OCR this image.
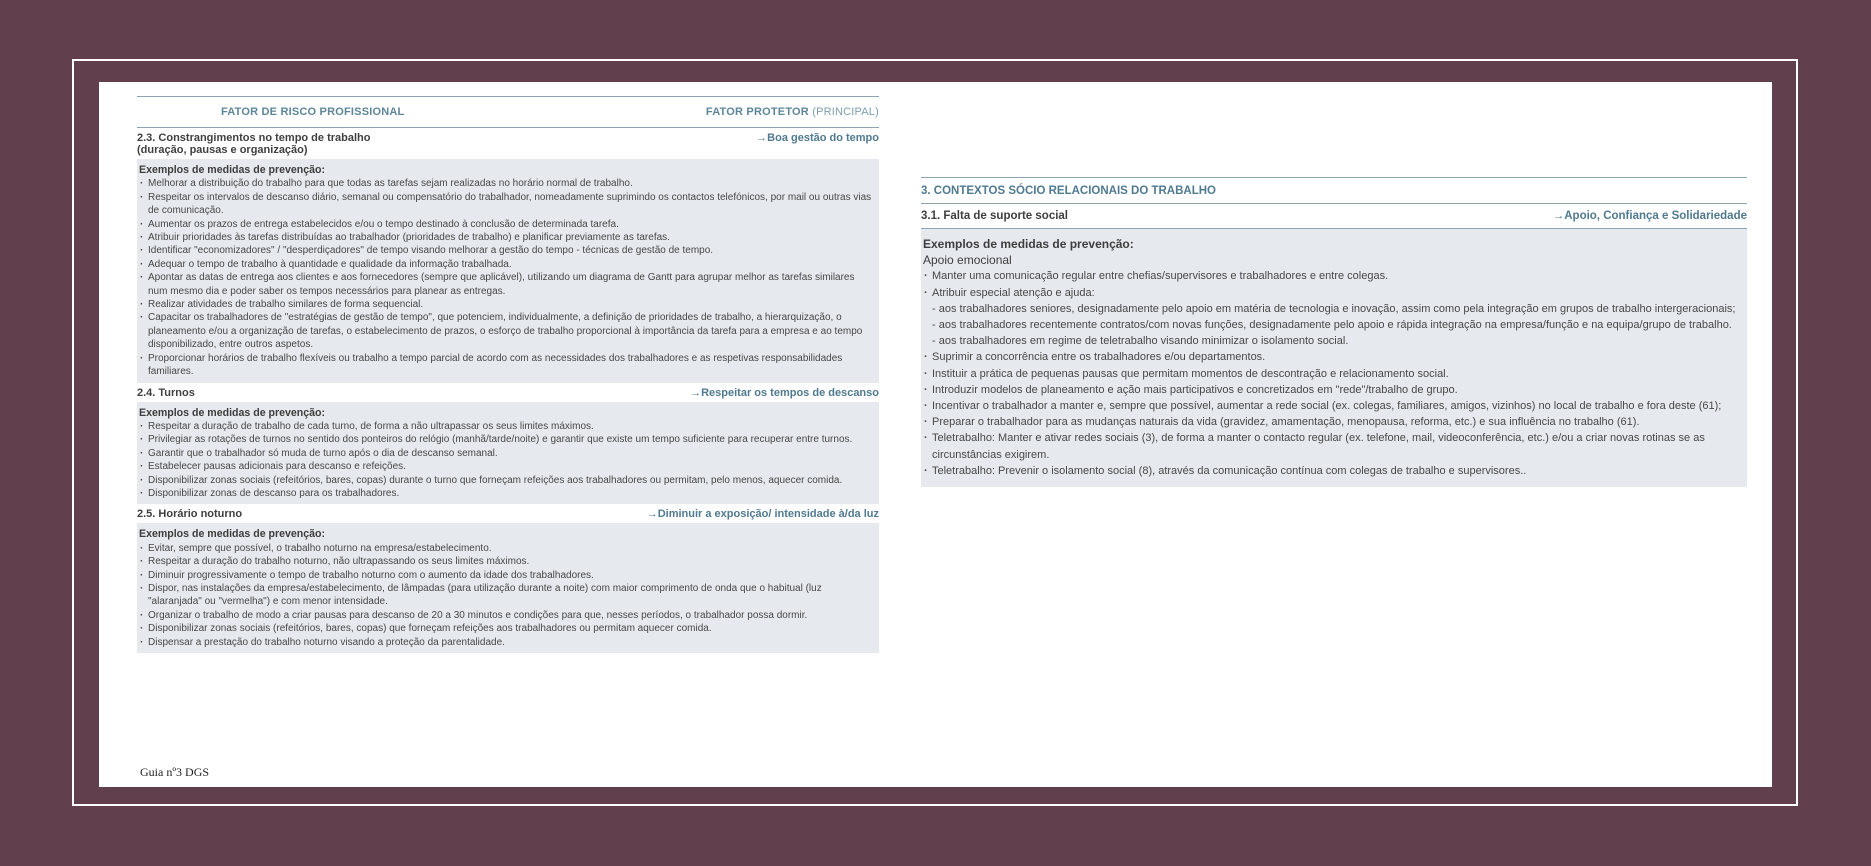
FATOR DE RISCO PROFISSIONAL	FATOR PROTETOR (PRINCIPAL)
2.3. Constrangimentos no tempo de trabalho
(duração, pausas e organização)
→Boa gestão do tempo
Exemplos de medidas de prevenção:
· Melhorar a distribuição do trabalho para que todas as tarefas sejam realizadas no horário normal de trabalho.
· Respeitar os intervalos de descanso diário, semanal ou compensatório do trabalhador, nomeadamente suprimindo os contactos telefónicos, por mail ou outras vias de comunicação.
· Aumentar os prazos de entrega estabelecidos e/ou o tempo destinado à conclusão de determinada tarefa.
· Atribuir prioridades às tarefas distribuídas ao trabalhador (prioridades de trabalho) e planificar previamente as tarefas.
· Identificar "economizadores" / "desperdiçadores" de tempo visando melhorar a gestão do tempo - técnicas de gestão de tempo.
· Adequar o tempo de trabalho à quantidade e qualidade da informação trabalhada.
· Apontar as datas de entrega aos clientes e aos fornecedores (sempre que aplicável), utilizando um diagrama de Gantt para agrupar melhor as tarefas similares num mesmo dia e poder saber os tempos necessários para planear as entregas.
· Realizar atividades de trabalho similares de forma sequencial.
· Capacitar os trabalhadores de "estratégias de gestão de tempo", que potenciem, individualmente, a definição de prioridades de trabalho, a hierarquização, o planeamento e/ou a organização de tarefas, o estabelecimento de prazos, o esforço de trabalho proporcional à importância da tarefa para a empresa e ao tempo disponibilizado, entre outros aspetos.
· Proporcionar horários de trabalho flexíveis ou trabalho a tempo parcial de acordo com as necessidades dos trabalhadores e as respetivas responsabilidades familiares.
2.4. Turnos	→Respeitar os tempos de descanso
Exemplos de medidas de prevenção:
· Respeitar a duração de trabalho de cada turno, de forma a não ultrapassar os seus limites máximos.
· Privilegiar as rotações de turnos no sentido dos ponteiros do relógio (manhã/tarde/noite) e garantir que existe um tempo suficiente para recuperar entre turnos.
· Garantir que o trabalhador só muda de turno após o dia de descanso semanal.
· Estabelecer pausas adicionais para descanso e refeições.
· Disponibilizar zonas sociais (refeitórios, bares, copas) durante o turno que forneçam refeições aos trabalhadores ou permitam, pelo menos, aquecer comida.
· Disponibilizar zonas de descanso para os trabalhadores.
2.5. Horário noturno	→Diminuir a exposição/ intensidade à/da luz
Exemplos de medidas de prevenção:
· Evitar, sempre que possível, o trabalho noturno na empresa/estabelecimento.
· Respeitar a duração do trabalho noturno, não ultrapassando os seus limites máximos.
· Diminuir progressivamente o tempo de trabalho noturno com o aumento da idade dos trabalhadores.
· Dispor, nas instalações da empresa/estabelecimento, de lâmpadas (para utilização durante a noite) com maior comprimento de onda que o habitual (luz "alaranjada" ou "vermelha") e com menor intensidade.
· Organizar o trabalho de modo a criar pausas para descanso de 20 a 30 minutos e condições para que, nesses períodos, o trabalhador possa dormir.
· Disponibilizar zonas sociais (refeitórios, bares, copas) que forneçam refeições aos trabalhadores ou permitam aquecer comida.
· Dispensar a prestação do trabalho noturno visando a proteção da parentalidade.
3. CONTEXTOS SÓCIO RELACIONAIS DO TRABALHO
3.1. Falta de suporte social	→Apoio, Confiança e Solidariedade
Exemplos de medidas de prevenção:
Apoio emocional
· Manter uma comunicação regular entre chefias/supervisores e trabalhadores e entre colegas.
· Atribuir especial atenção e ajuda:
- aos trabalhadores seniores, designadamente pelo apoio em matéria de tecnologia e inovação, assim como pela integração em grupos de trabalho intergeracionais;
- aos trabalhadores recentemente contratos/com novas funções, designadamente pelo apoio e rápida integração na empresa/função e na equipa/grupo de trabalho.
- aos trabalhadores em regime de teletrabalho visando minimizar o isolamento social.
· Suprimir a concorrência entre os trabalhadores e/ou departamentos.
· Instituir a prática de pequenas pausas que permitam momentos de descontração e relacionamento social.
· Introduzir modelos de planeamento e ação mais participativos e concretizados em "rede"/trabalho de grupo.
· Incentivar o trabalhador a manter e, sempre que possível, aumentar a rede social (ex. colegas, familiares, amigos, vizinhos) no local de trabalho e fora deste (61);
· Preparar o trabalhador para as mudanças naturais da vida (gravidez, amamentação, menopausa, reforma, etc.) e sua influência no trabalho (61).
· Teletrabalho: Manter e ativar redes sociais (3), de forma a manter o contacto regular (ex. telefone, mail, videoconferência, etc.) e/ou a criar novas rotinas se as circunstâncias exigirem.
· Teletrabalho: Prevenir o isolamento social (8), através da comunicação contínua com colegas de trabalho e supervisores..
Guia nº3 DGS
